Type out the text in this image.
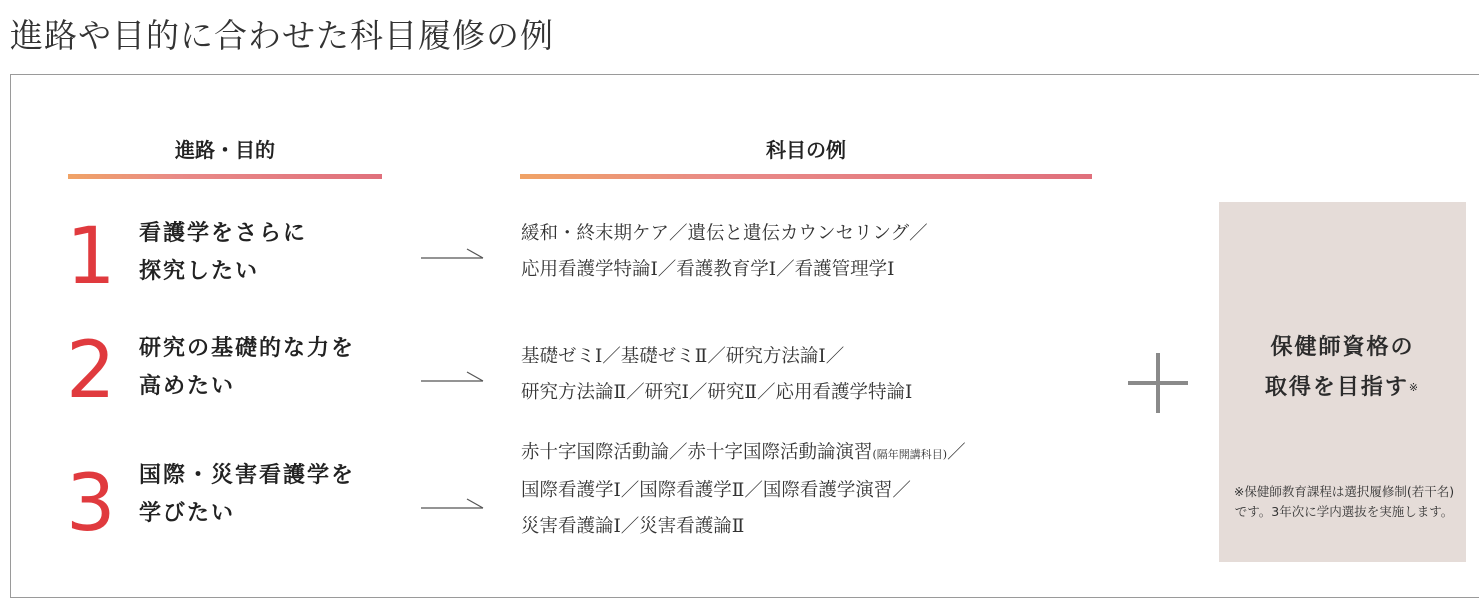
進路や目的に合わせた科目履修の例
進路・目的	科目の例
1 看護学をさらに
探究したい
緩和・終末期ケア／遺伝と遺伝カウンセリング／
応用看護学特論Ⅰ／看護教育学Ⅰ／看護管理学Ⅰ
2 研究の基礎的な力を
高めたい
基礎ゼミⅠ／基礎ゼミⅡ／研究方法論Ⅰ／
研究方法論Ⅱ／研究Ⅰ／研究Ⅱ／応用看護学特論Ⅰ
3 国際・災害看護学を
学びたい
赤十字国際活動論／赤十字国際活動論演習(隔年開講科目)／
国際看護学Ⅰ／国際看護学Ⅱ／国際看護学演習／
災害看護論Ⅰ／災害看護論Ⅱ
保健師資格の
取得を目指す※
※保健師教育課程は選択履修制(若干名)です。3年次に学内選抜を実施します。
